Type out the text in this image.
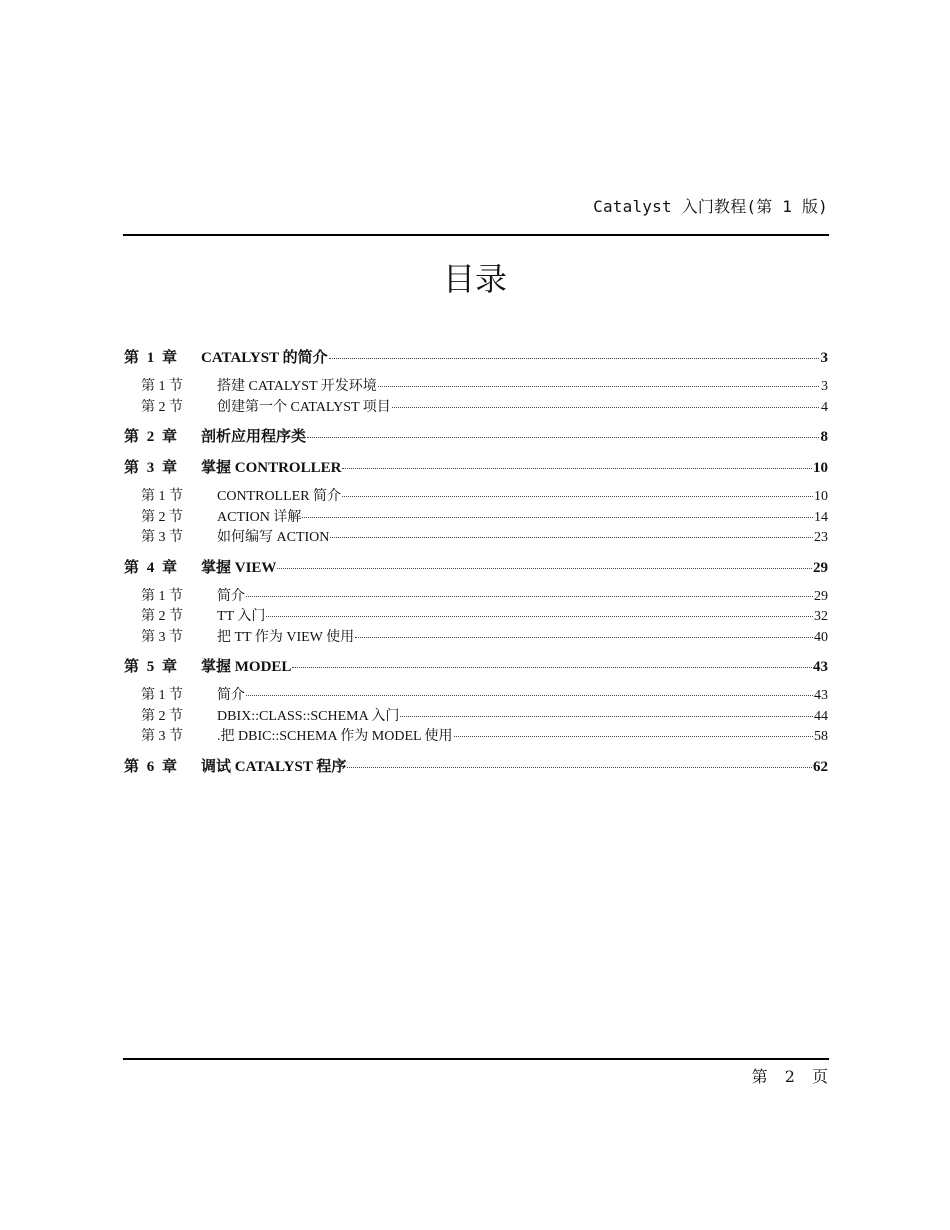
Catalyst 入门教程(第 1 版)
目录
第 1 章	CATALYST 的简介	3
第 1 节	搭建 CATALYST 开发环境	3
第 2 节	创建第一个 CATALYST 项目	4
第 2 章	剖析应用程序类	8
第 3 章	掌握 CONTROLLER	10
第 1 节	CONTROLLER 简介	10
第 2 节	ACTION 详解	14
第 3 节	如何编写 ACTION	23
第 4 章	掌握 VIEW	29
第 1 节	简介	29
第 2 节	TT 入门	32
第 3 节	把 TT 作为 VIEW 使用	40
第 5 章	掌握 MODEL	43
第 1 节	简介	43
第 2 节	DBIX::CLASS::SCHEMA 入门	44
第 3 节	.把 DBIC::SCHEMA 作为 MODEL 使用	58
第 6 章	调试 CATALYST 程序	62
第 2 页
